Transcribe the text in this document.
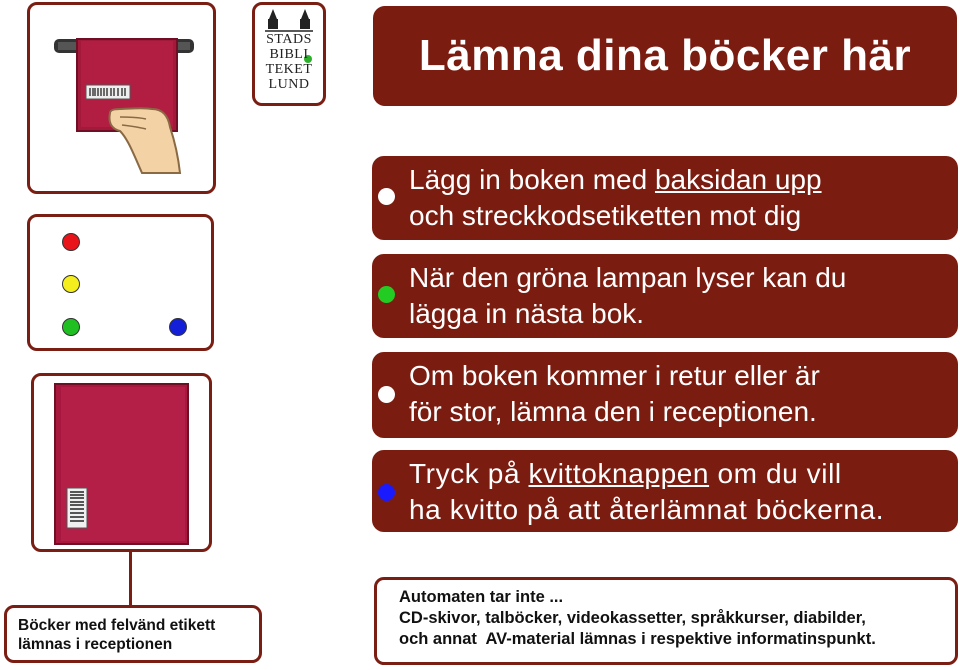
STADS
BIBLI
TEKET
LUND
Lämna dina böcker här
Lägg in boken med baksidan upp
och streckkodsetiketten mot dig
När den gröna lampan lyser kan du
lägga in nästa bok.
Om boken kommer i retur eller är
för stor, lämna den i receptionen.
Tryck på kvittoknappen om du vill
ha kvitto på att återlämnat böckerna.
Böcker med felvänd etikett
lämnas i receptionen
Automaten tar inte ...
CD-skivor, talböcker, videokassetter, språkkurser, diabilder,
och annat  AV-material lämnas i respektive informatinspunkt.
